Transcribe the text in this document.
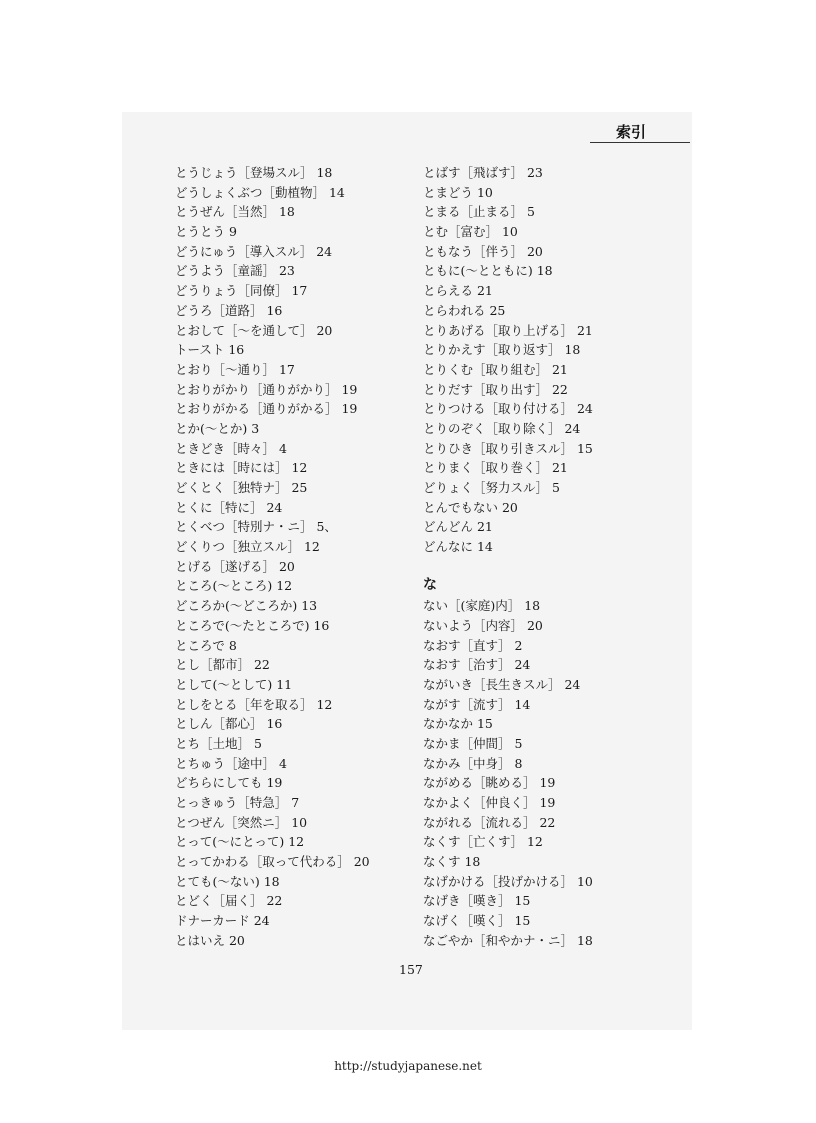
索引
とうじょう［登場スル］ 18
どうしょくぶつ［動植物］ 14
とうぜん［当然］ 18
とうとう 9
どうにゅう［導入スル］ 24
どうよう［童謡］ 23
どうりょう［同僚］ 17
どうろ［道路］ 16
とおして［～を通して］ 20
トースト 16
とおり［～通り］ 17
とおりがかり［通りがかり］ 19
とおりがかる［通りがかる］ 19
とか(～とか) 3
ときどき［時々］ 4
ときには［時には］ 12
どくとく［独特ナ］ 25
とくに［特に］ 24
とくべつ［特別ナ・ニ］ 5、
どくりつ［独立スル］ 12
とげる［遂げる］ 20
ところ(～ところ) 12
どころか(～どころか) 13
ところで(～たところで) 16
ところで 8
とし［都市］ 22
として(～として) 11
としをとる［年を取る］ 12
としん［都心］ 16
とち［土地］ 5
とちゅう［途中］ 4
どちらにしても 19
とっきゅう［特急］ 7
とつぜん［突然ニ］ 10
とって(～にとって) 12
とってかわる［取って代わる］ 20
とても(～ない) 18
とどく［届く］ 22
ドナーカード 24
とはいえ 20
とばす［飛ばす］ 23
とまどう 10
とまる［止まる］ 5
とむ［富む］ 10
ともなう［伴う］ 20
ともに(～とともに) 18
とらえる 21
とらわれる 25
とりあげる［取り上げる］ 21
とりかえす［取り返す］ 18
とりくむ［取り組む］ 21
とりだす［取り出す］ 22
とりつける［取り付ける］ 24
とりのぞく［取り除く］ 24
とりひき［取り引きスル］ 15
とりまく［取り巻く］ 21
どりょく［努力スル］ 5
とんでもない 20
どんどん 21
どんなに 14
な
ない［(家庭)内］ 18
ないよう［内容］ 20
なおす［直す］ 2
なおす［治す］ 24
ながいき［長生きスル］ 24
ながす［流す］ 14
なかなか 15
なかま［仲間］ 5
なかみ［中身］ 8
ながめる［眺める］ 19
なかよく［仲良く］ 19
ながれる［流れる］ 22
なくす［亡くす］ 12
なくす 18
なげかける［投げかける］ 10
なげき［嘆き］ 15
なげく［嘆く］ 15
なごやか［和やかナ・ニ］ 18
157
http://studyjapanese.net
